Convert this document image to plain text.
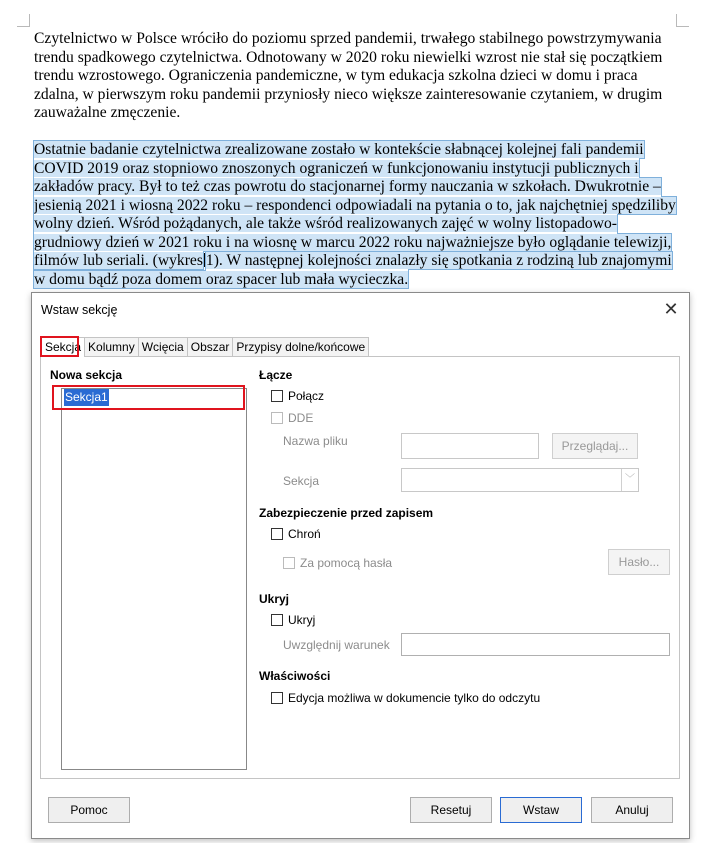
Czytelnictwo w Polsce wróciło do poziomu sprzed pandemii, trwałego stabilnego powstrzymywania trendu spadkowego czytelnictwa. Odnotowany w 2020 roku niewielki wzrost nie stał się początkiem trendu wzrostowego. Ograniczenia pandemiczne, w tym edukacja szkolna dzieci w domu i praca zdalna, w pierwszym roku pandemii przyniosły nieco większe zainteresowanie czytaniem, w drugim zauważalne zmęczenie.
Ostatnie badanie czytelnictwa zrealizowane zostało w kontekście słabnącej kolejnej fali pandemii COVID 2019 oraz stopniowo znoszonych ograniczeń w funkcjonowaniu instytucji publicznych i zakładów pracy. Był to też czas powrotu do stacjonarnej formy nauczania w szkołach. Dwukrotnie – jesienią 2021 i wiosną 2022 roku – respondenci odpowiadali na pytania o to, jak najchętniej spędziliby wolny dzień. Wśród pożądanych, ale także wśród realizowanych zajęć w wolny listopadowo-grudniowy dzień w 2021 roku i na wiosnę w marcu 2022 roku najważniejsze było oglądanie telewizji, filmów lub seriali. (wykres 1). W następnej kolejności znalazły się spotkania z rodziną lub znajomymi w domu bądź poza domem oraz spacer lub mała wycieczka.
Wstaw sekcję	✕
Sekcja Kolumny Wcięcia Obszar Przypisy dolne/końcowe
Nowa sekcja
Sekcja1
Łącze
Połącz
DDE
Nazwa pliku	Przeglądaj...
Sekcja	﹀
Zabezpieczenie przed zapisem
Chroń
Za pomocą hasła	Hasło...
Ukryj
Ukryj
Uwzględnij warunek
Właściwości
Edycja możliwa w dokumencie tylko do odczytu
Pomoc	Resetuj	Wstaw	Anuluj
